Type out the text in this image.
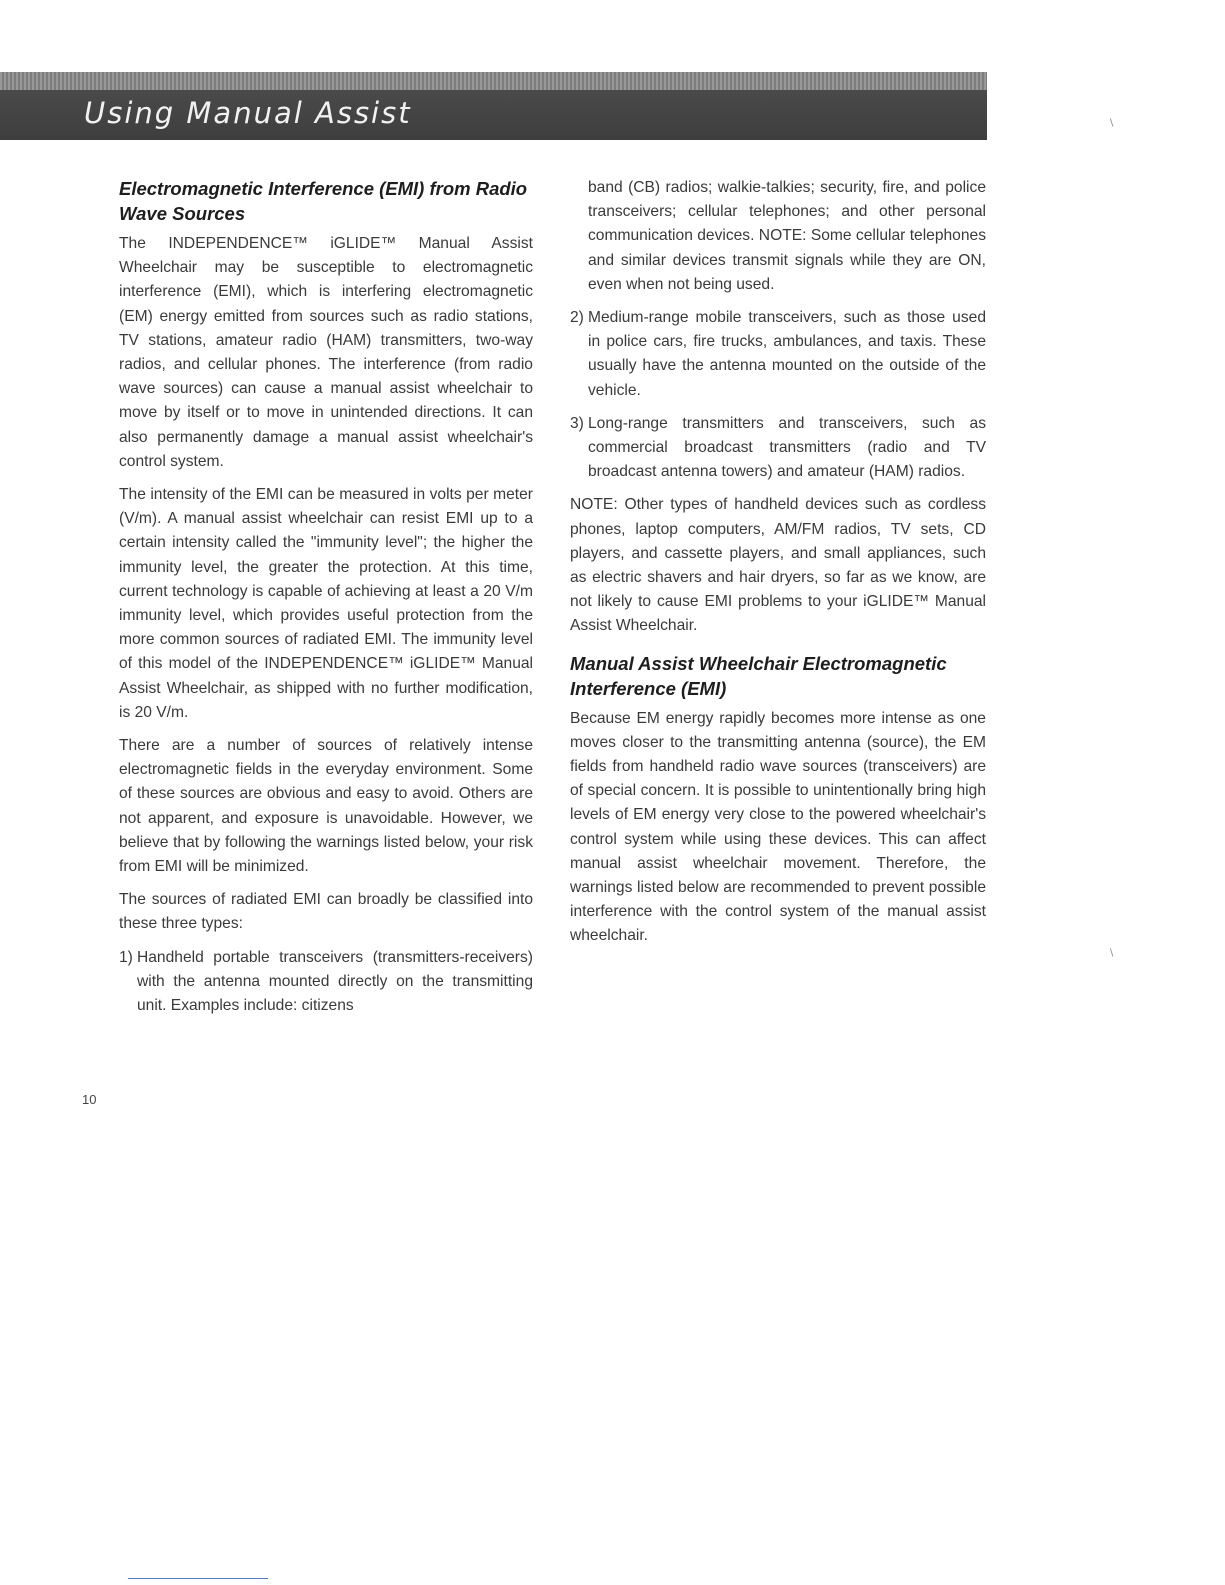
Using Manual Assist
Electromagnetic Interference (EMI) from Radio Wave Sources

The INDEPENDENCE™ iGLIDE™ Manual Assist Wheelchair may be susceptible to electromagnetic interference (EMI), which is interfering electromagnetic (EM) energy emitted from sources such as radio stations, TV stations, amateur radio (HAM) transmitters, two-way radios, and cellular phones. The interference (from radio wave sources) can cause a manual assist wheelchair to move by itself or to move in unintended directions. It can also permanently damage a manual assist wheelchair's control system.

The intensity of the EMI can be measured in volts per meter (V/m). A manual assist wheelchair can resist EMI up to a certain intensity called the "immunity level"; the higher the immunity level, the greater the protection. At this time, current technology is capable of achieving at least a 20 V/m immunity level, which provides useful protection from the more common sources of radiated EMI. The immunity level of this model of the INDEPENDENCE™ iGLIDE™ Manual Assist Wheelchair, as shipped with no further modification, is 20 V/m.

There are a number of sources of relatively intense electromagnetic fields in the everyday environment. Some of these sources are obvious and easy to avoid. Others are not apparent, and exposure is unavoidable. However, we believe that by following the warnings listed below, your risk from EMI will be minimized.

The sources of radiated EMI can broadly be classified into these three types:

1) Handheld portable transceivers (transmitters-receivers) with the antenna mounted directly on the transmitting unit. Examples include: citizens

band (CB) radios; walkie-talkies; security, fire, and police transceivers; cellular telephones; and other personal communication devices. NOTE: Some cellular telephones and similar devices transmit signals while they are ON, even when not being used.

2) Medium-range mobile transceivers, such as those used in police cars, fire trucks, ambulances, and taxis. These usually have the antenna mounted on the outside of the vehicle.
3) Long-range transmitters and transceivers, such as commercial broadcast transmitters (radio and TV broadcast antenna towers) and amateur (HAM) radios.

NOTE: Other types of handheld devices such as cordless phones, laptop computers, AM/FM radios, TV sets, CD players, and cassette players, and small appliances, such as electric shavers and hair dryers, so far as we know, are not likely to cause EMI problems to your iGLIDE™ Manual Assist Wheelchair.

Manual Assist Wheelchair Electromagnetic Interference (EMI)

Because EM energy rapidly becomes more intense as one moves closer to the transmitting antenna (source), the EM fields from handheld radio wave sources (transceivers) are of special concern. It is possible to unintentionally bring high levels of EM energy very close to the powered wheelchair's control system while using these devices. This can affect manual assist wheelchair movement. Therefore, the warnings listed below are recommended to prevent possible interference with the control system of the manual assist wheelchair.

10
∖
∖
